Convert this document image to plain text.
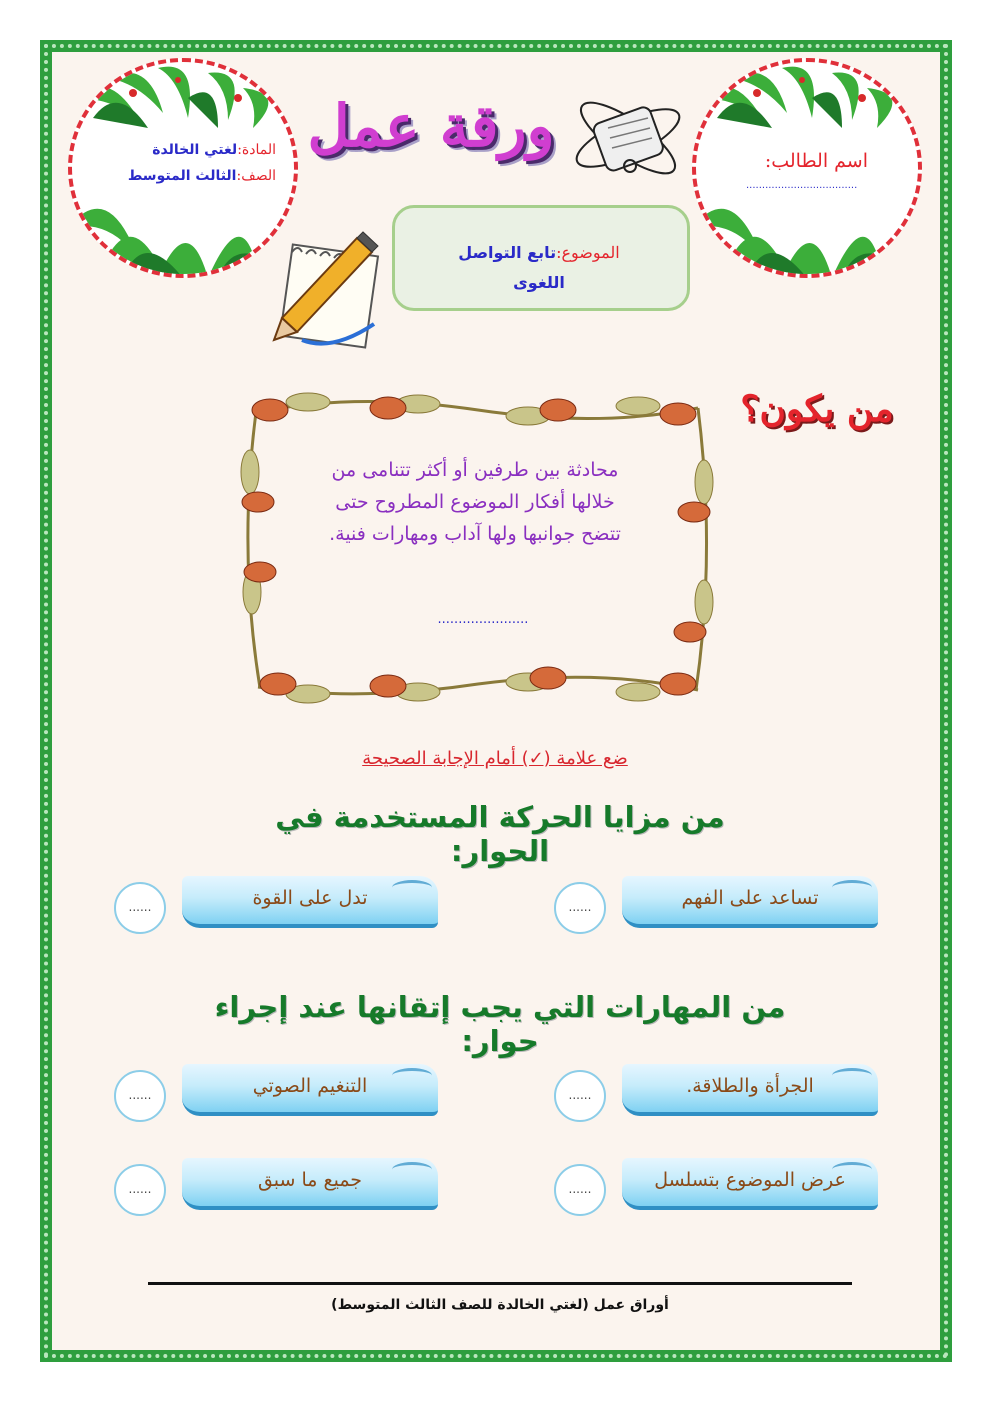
المادة:لغتي الخالدة
الصف:الثالث المتوسط
اسم الطالب:
...................................
ورقة عمل
الموضوع:تابع التواصل اللغوى
من يكون؟
محادثة بين طرفين أو أكثر تتنامى من خلالها أفكار الموضوع المطروح حتى تتضح جوانبها ولها آداب ومهارات فنية.
......................
ضع علامة (✓) أمام الإجابة الصحيحة
من مزايا الحركة المستخدمة في الحوار:
تساعد على الفهم
......
تدل على القوة
......
من المهارات التي يجب إتقانها عند إجراء حوار:
الجرأة والطلاقة.
......
التنغيم الصوتي
......
عرض الموضوع بتسلسل
......
جميع ما سبق
......
أوراق عمل (لغتي الخالدة للصف الثالث المتوسط)
